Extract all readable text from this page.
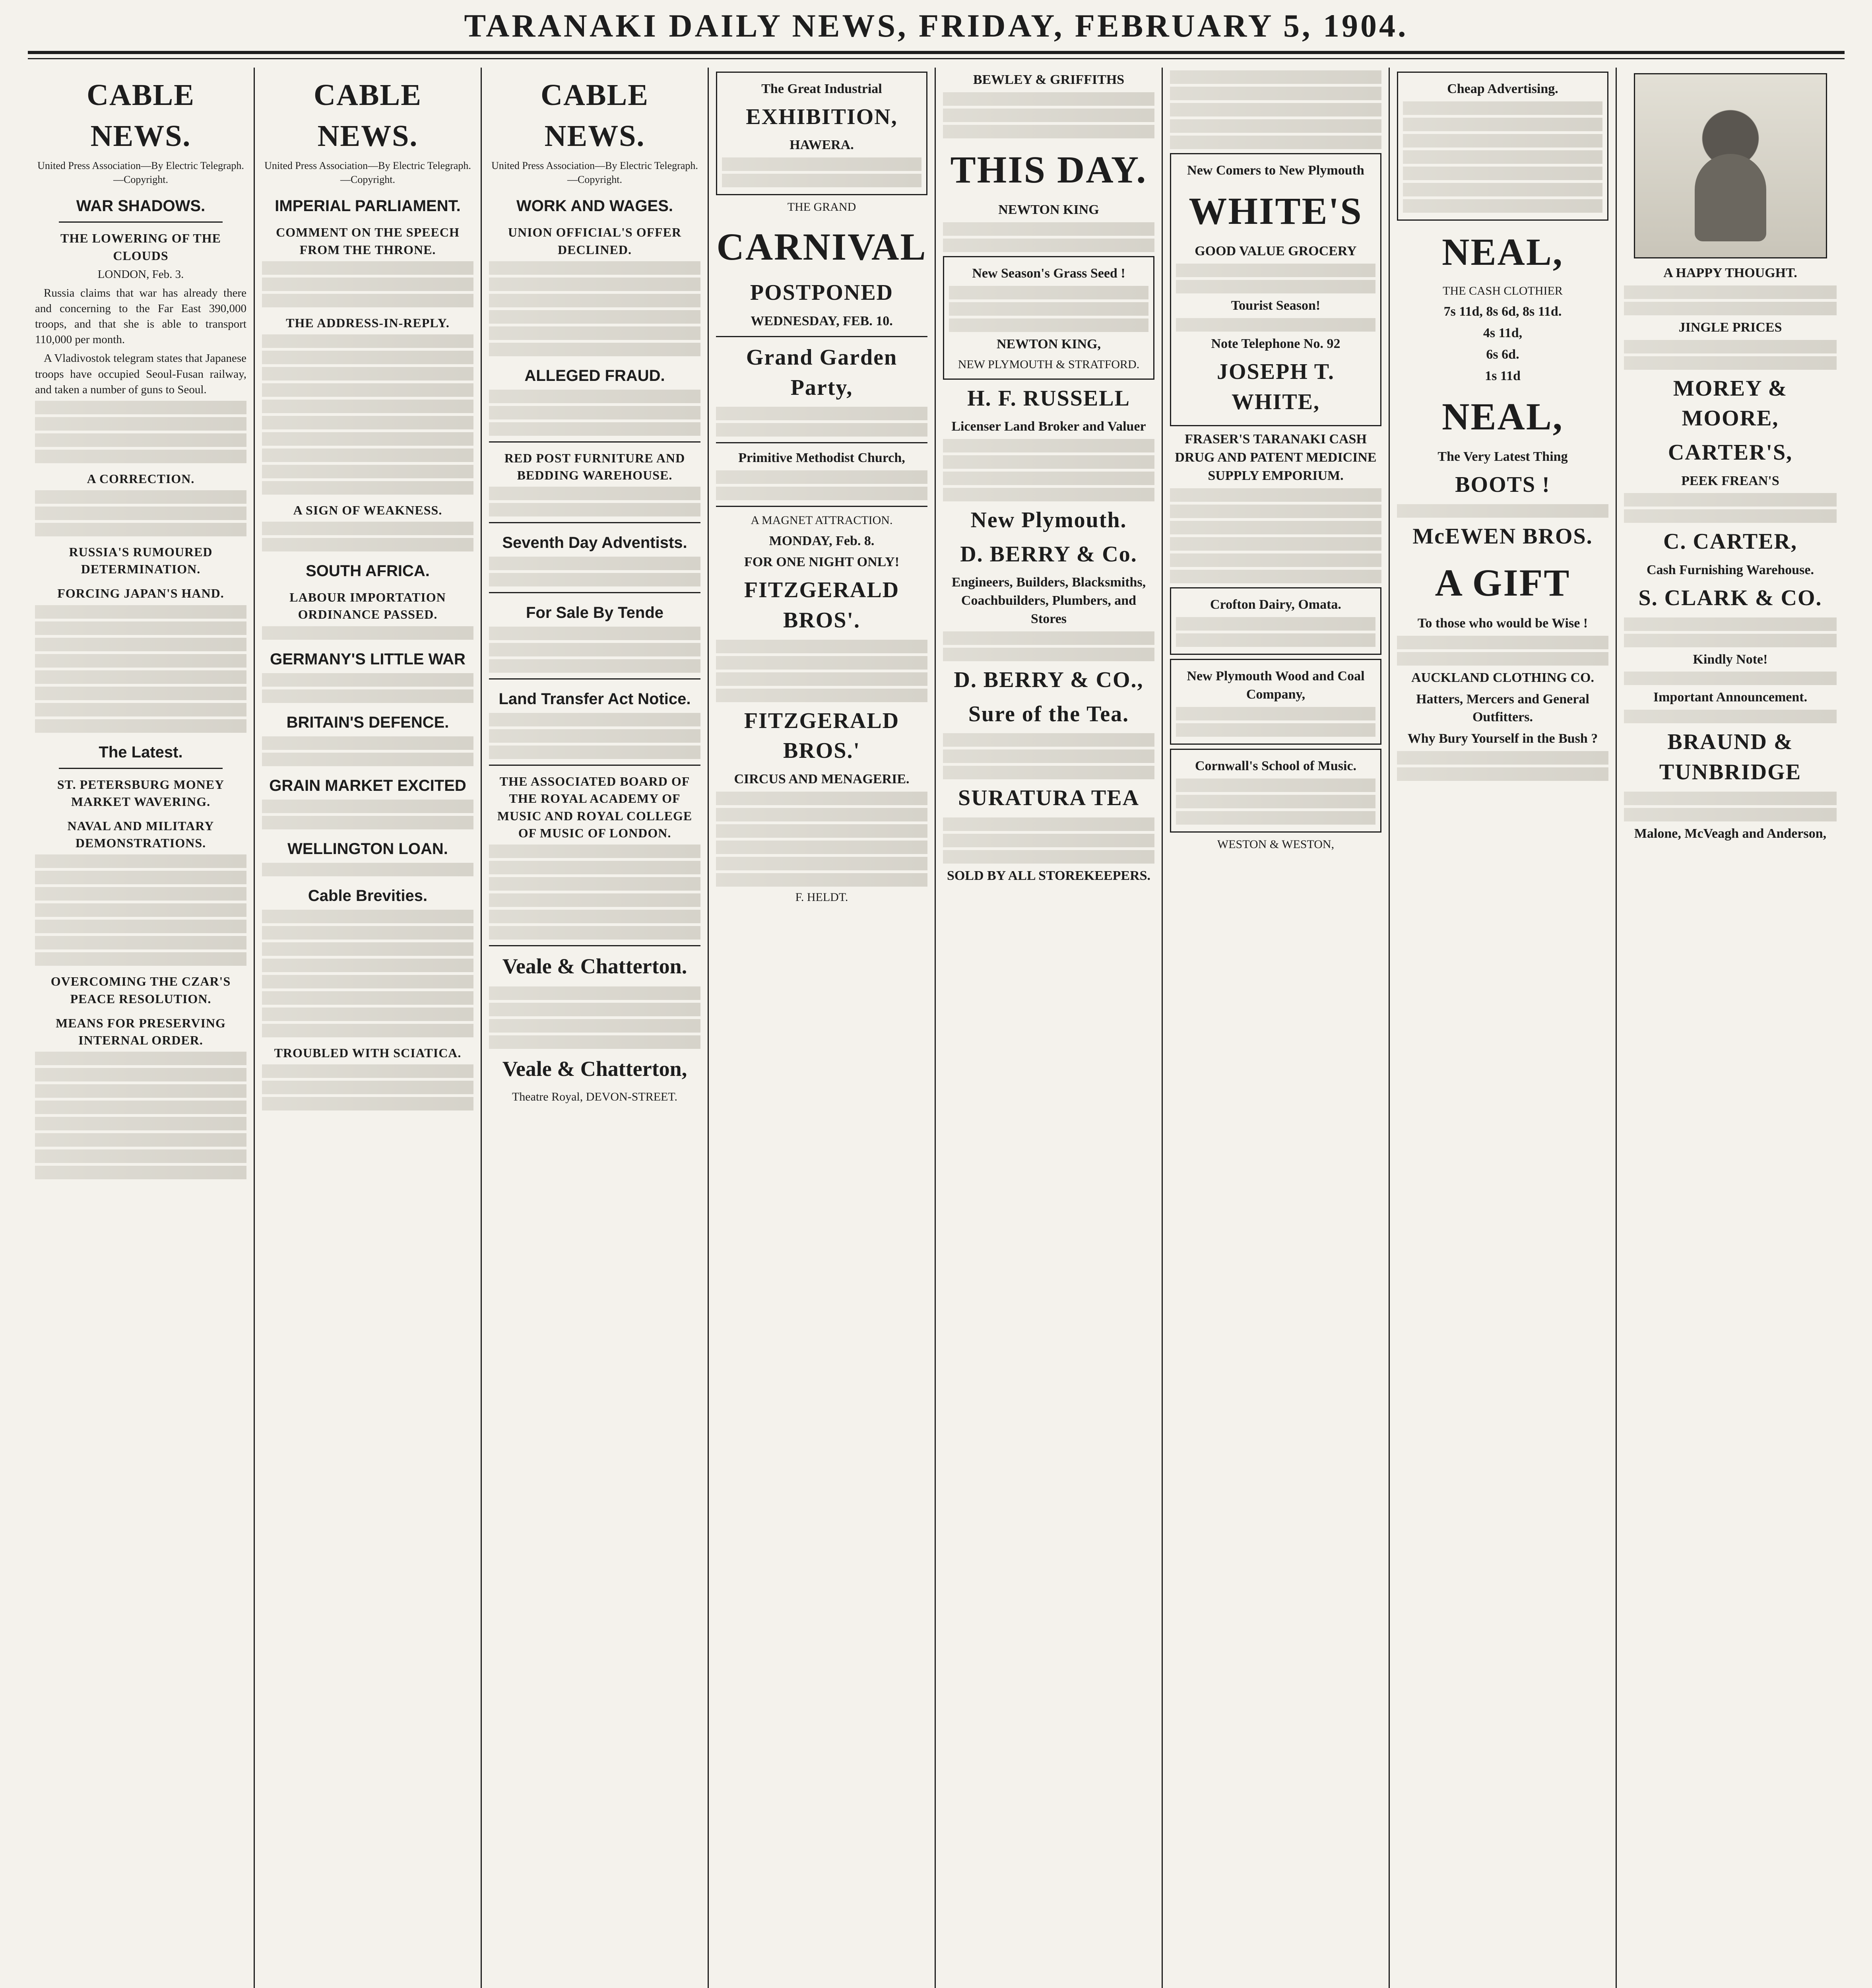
TARANAKI DAILY NEWS, FRIDAY, FEBRUARY 5, 1904.
CABLE NEWS.
United Press Association—By Electric Telegraph.—Copyright.
WAR SHADOWS.
THE LOWERING OF THE CLOUDS

LONDON, Feb. 3.

Russia claims that war has already there and concerning to the Far East 390,000 troops, and that she is able to transport 110,000 per month.

A Vladivostok telegram states that Japanese troops have occupied Seoul-Fusan railway, and taken a number of guns to Seoul.

A CORRECTION.
RUSSIA'S RUMOURED DETERMINATION.
FORCING JAPAN'S HAND.
The Latest.
ST. PETERSBURG MONEY MARKET WAVERING.
NAVAL AND MILITARY DEMONSTRATIONS.
OVERCOMING THE CZAR'S PEACE RESOLUTION.
MEANS FOR PRESERVING INTERNAL ORDER.
CABLE NEWS.
United Press Association—By Electric Telegraph.—Copyright.
IMPERIAL PARLIAMENT.
COMMENT ON THE SPEECH FROM THE THRONE.
THE ADDRESS-IN-REPLY.
A SIGN OF WEAKNESS.
SOUTH AFRICA.
LABOUR IMPORTATION ORDINANCE PASSED.
GERMANY'S LITTLE WAR
BRITAIN'S DEFENCE.
GRAIN MARKET EXCITED
WELLINGTON LOAN.
Cable Brevities.
TROUBLED WITH SCIATICA.
CABLE NEWS.
United Press Association—By Electric Telegraph.—Copyright.
WORK AND WAGES.
UNION OFFICIAL'S OFFER DECLINED.
ALLEGED FRAUD.
RED POST FURNITURE AND BEDDING WAREHOUSE.
Seventh Day Adventists.
For Sale By Tende
Land Transfer Act Notice.
THE ASSOCIATED BOARD OF THE ROYAL ACADEMY OF MUSIC AND ROYAL COLLEGE OF MUSIC OF LONDON.
Veale & Chatterton.
Veale & Chatterton,
Theatre Royal, DEVON-STREET.
The Great Industrial
EXHIBITION,
HAWERA.
THE GRAND
CARNIVAL
POSTPONED
WEDNESDAY, FEB. 10.
Grand Garden Party,
Primitive Methodist Church,
A MAGNET ATTRACTION.
MONDAY, Feb. 8.
FOR ONE NIGHT ONLY!
FITZGERALD BROS'.
FITZGERALD BROS.'
CIRCUS AND MENAGERIE.
F. HELDT.
BEWLEY & GRIFFITHS
THIS DAY.
NEWTON KING
New Season's Grass Seed !
NEWTON KING,
NEW PLYMOUTH & STRATFORD.
H. F. RUSSELL
Licenser Land Broker and Valuer
New Plymouth.
D. BERRY & Co.
Engineers, Builders, Blacksmiths, Coachbuilders, Plumbers, and Stores
D. BERRY & CO.,
Sure of the Tea.
SURATURA TEA
SOLD BY ALL STOREKEEPERS.
New Comers to New Plymouth
WHITE'S
GOOD VALUE GROCERY
Tourist Season!
Note Telephone No. 92
JOSEPH T. WHITE,
FRASER'S TARANAKI CASH DRUG AND PATENT MEDICINE SUPPLY EMPORIUM.
Crofton Dairy, Omata.
New Plymouth Wood and Coal Company,
Cornwall's School of Music.
WESTON & WESTON,
Cheap Advertising.
NEAL,
THE CASH CLOTHIER
7s 11d, 8s 6d, 8s 11d.
4s 11d,
6s 6d.
1s 11d
NEAL,
The Very Latest Thing
BOOTS !
McEWEN BROS.
A GIFT
To those who would be Wise !
AUCKLAND CLOTHING CO.
Hatters, Mercers and General Outfitters.
Why Bury Yourself in the Bush ?
A HAPPY THOUGHT.
JINGLE PRICES
MOREY & MOORE,
CARTER'S,
PEEK FREAN'S
C. CARTER,
Cash Furnishing Warehouse.
S. CLARK & CO.
Kindly Note!
Important Announcement.
BRAUND & TUNBRIDGE
Malone, McVeagh and Anderson,
